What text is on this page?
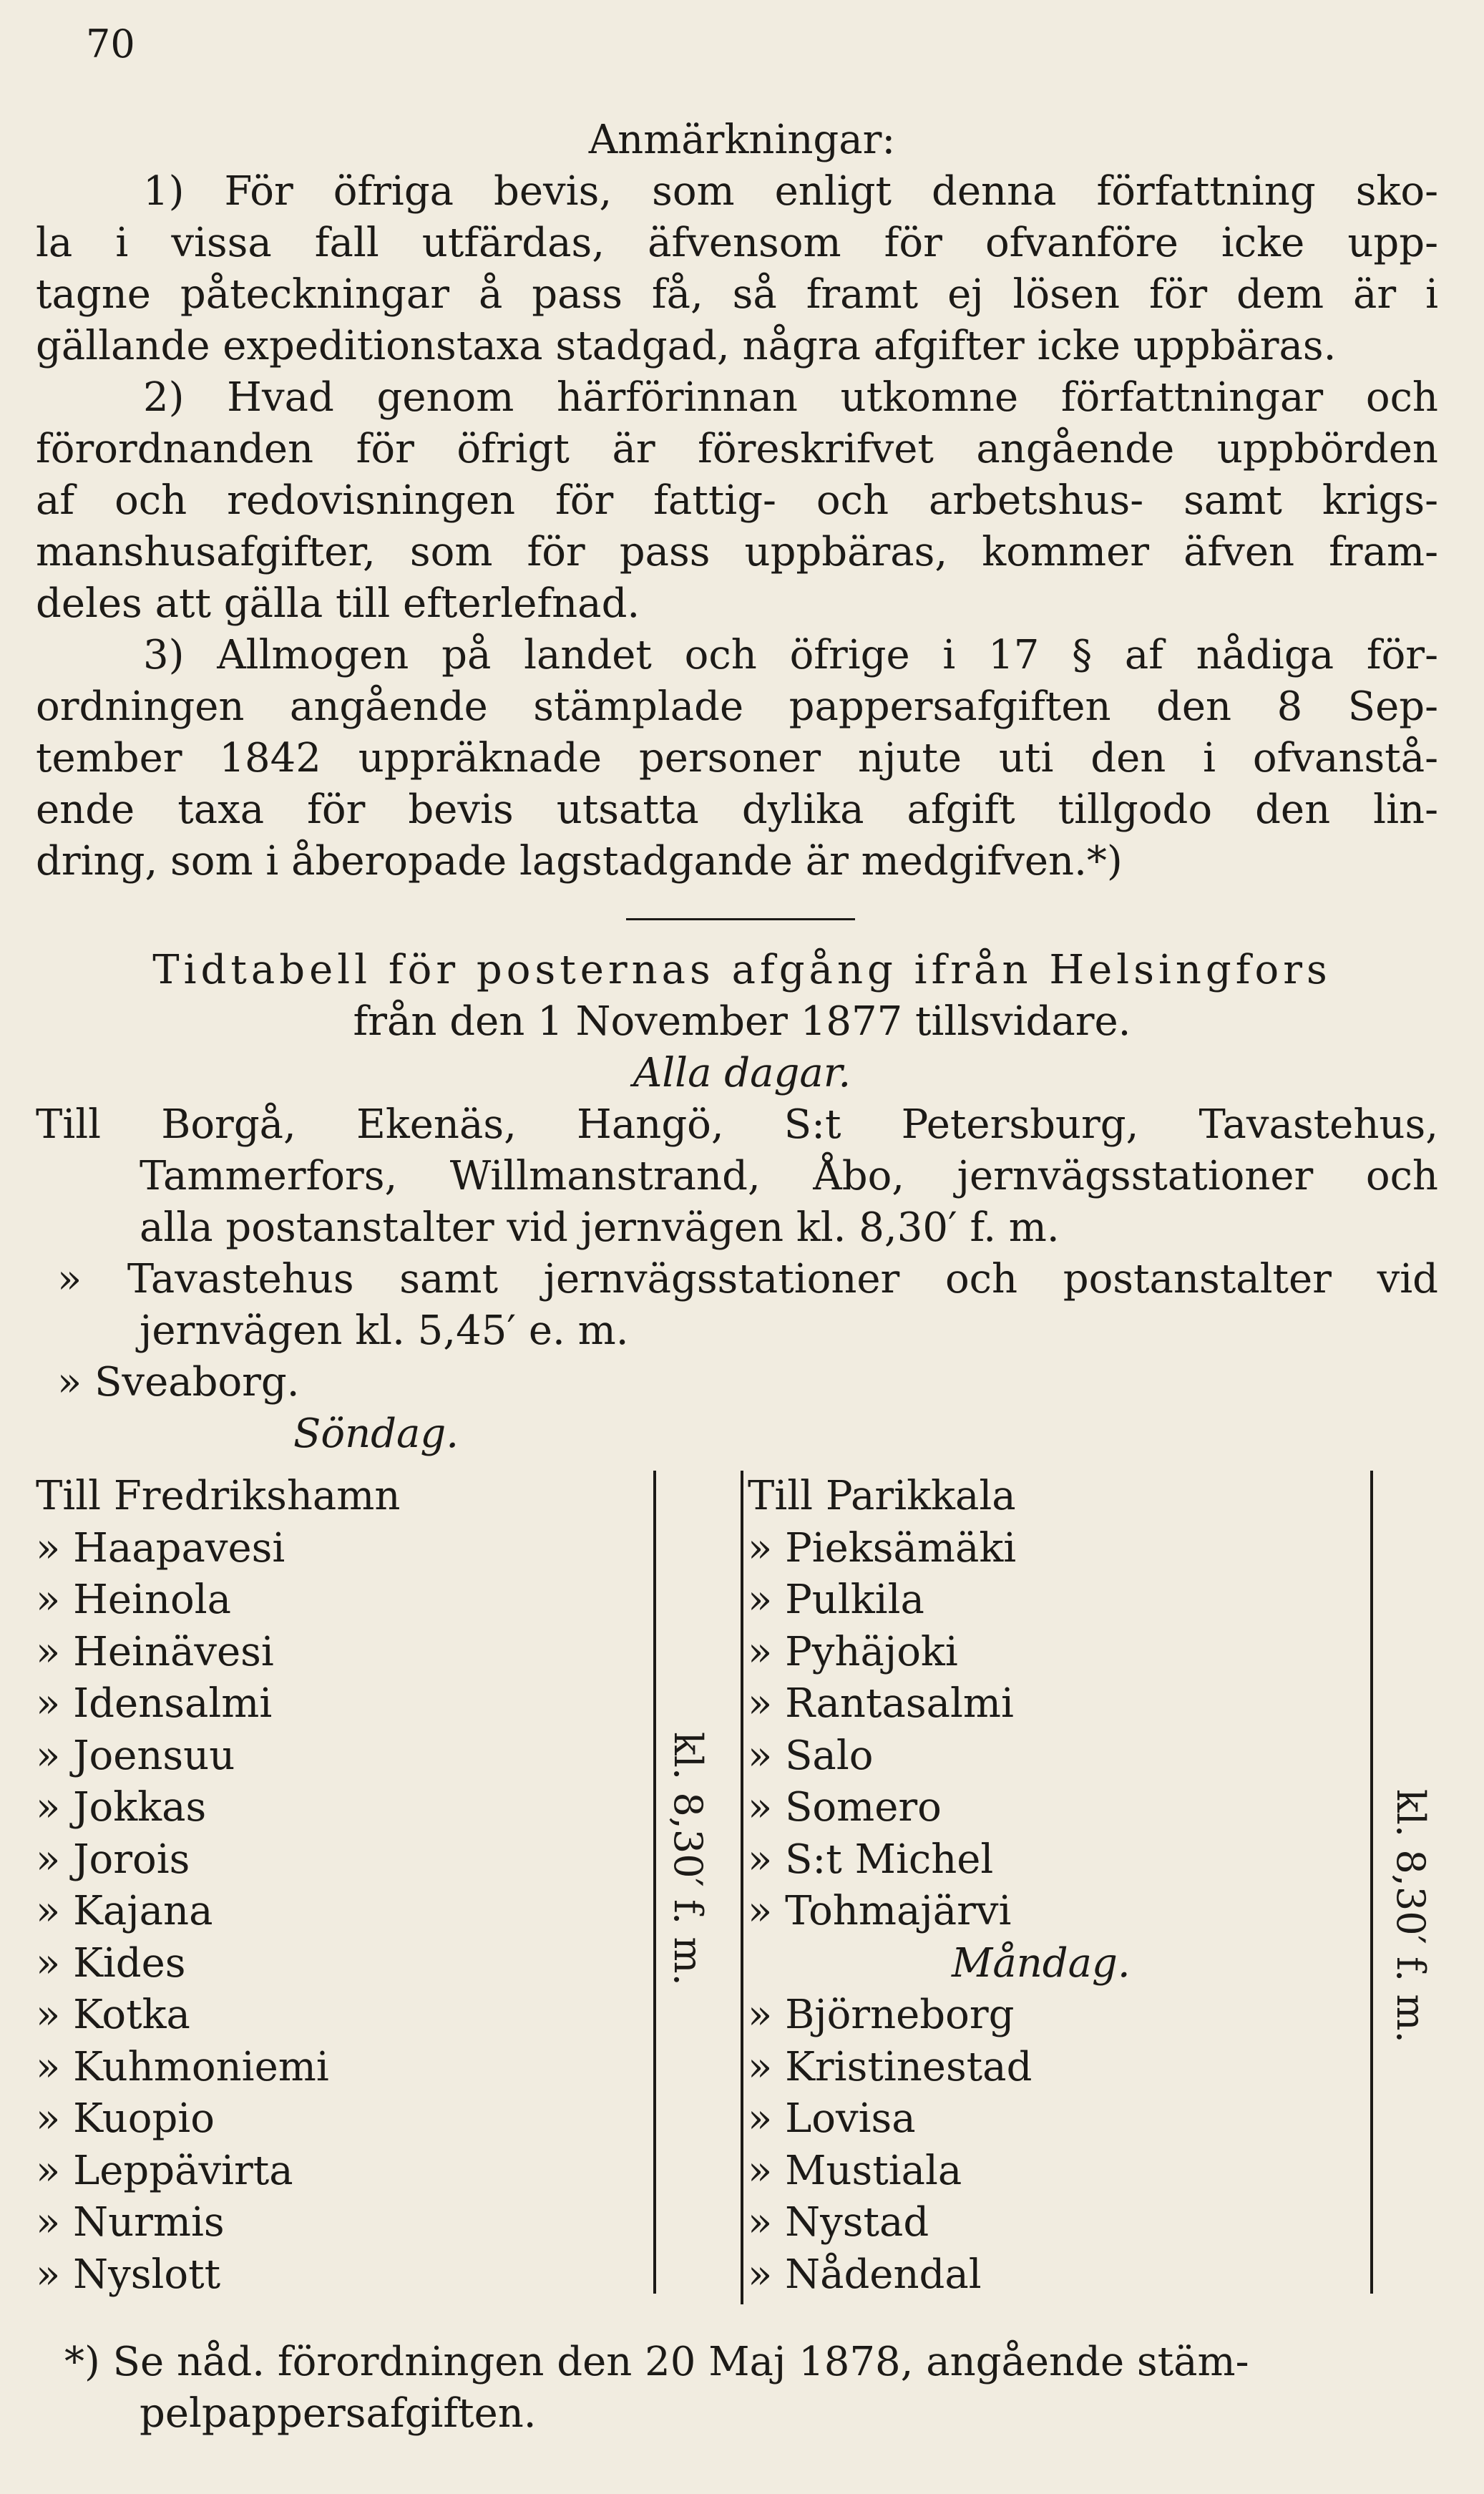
70
Anmärkningar:
1) För öfriga bevis, som enligt denna författning sko-
la i vissa fall utfärdas, äfvensom för ofvanföre icke upp-
tagne påteckningar å pass få, så framt ej lösen för dem är i
gällande expeditionstaxa stadgad, några afgifter icke uppbäras.
2) Hvad genom härförinnan utkomne författningar och
förordnanden för öfrigt är föreskrifvet angående uppbörden
af och redovisningen för fattig- och arbetshus- samt krigs-
manshusafgifter, som för pass uppbäras, kommer äfven fram-
deles att gälla till efterlefnad.
3) Allmogen på landet och öfrige i 17 § af nådiga för-
ordningen angående stämplade pappersafgiften den 8 Sep-
tember 1842 uppräknade personer njute uti den i ofvanstå-
ende taxa för bevis utsatta dylika afgift tillgodo den lin-
dring, som i åberopade lagstadgande är medgifven.*)
Tidtabell för posternas afgång ifrån Helsingfors
från den 1 November 1877 tillsvidare.
Alla dagar.
Till Borgå, Ekenäs, Hangö, S:t Petersburg, Tavastehus,
Tammerfors, Willmanstrand, Åbo, jernvägsstationer och
alla postanstalter vid jernvägen kl. 8,30′ f. m.
» Tavastehus samt jernvägsstationer och postanstalter vid
jernvägen kl. 5,45′ e. m.
» Sveaborg.
Söndag.
kl. 8,30′ f. m.	kl. 8,30′ f. m.
*) Se nåd. förordningen den 20 Maj 1878, angående stäm-
pelpappersafgiften.
Till Fredrikshamn
» Haapavesi
» Heinola
» Heinävesi
» Idensalmi
» Joensuu
» Jokkas
» Jorois
» Kajana
» Kides
» Kotka
» Kuhmoniemi
» Kuopio
» Leppävirta
» Nurmis
» Nyslott
Till Parikkala
» Pieksämäki
» Pulkila
» Pyhäjoki
» Rantasalmi
» Salo
» Somero
» S:t Michel
» Tohmajärvi
Måndag.
» Björneborg
» Kristinestad
» Lovisa
» Mustiala
» Nystad
» Nådendal
